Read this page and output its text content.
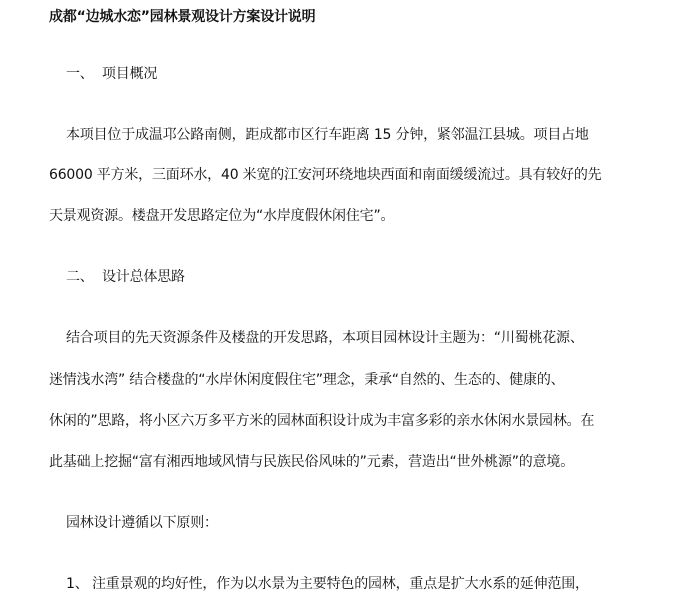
成都“边城水恋”园林景观设计方案设计说明
一、 项目概况
本项目位于成温邛公路南侧，距成都市区行车距离 15 分钟，紧邻温江县城。项目占地
66000 平方米，三面环水，40 米宽的江安河环绕地块西面和南面缓缓流过。具有较好的先
天景观资源。楼盘开发思路定位为“水岸度假休闲住宅”。
二、 设计总体思路
结合项目的先天资源条件及楼盘的开发思路，本项目园林设计主题为：“川蜀桃花源、
迷情浅水湾” 结合楼盘的“水岸休闲度假住宅”理念，秉承“自然的、生态的、健康的、
休闲的”思路，将小区六万多平方米的园林面积设计成为丰富多彩的亲水休闲水景园林。在
此基础上挖掘“富有湘西地域风情与民族民俗风味的”元素，营造出“世外桃源”的意境。
园林设计遵循以下原则：
1、 注重景观的均好性，作为以水景为主要特色的园林，重点是扩大水系的延伸范围，
